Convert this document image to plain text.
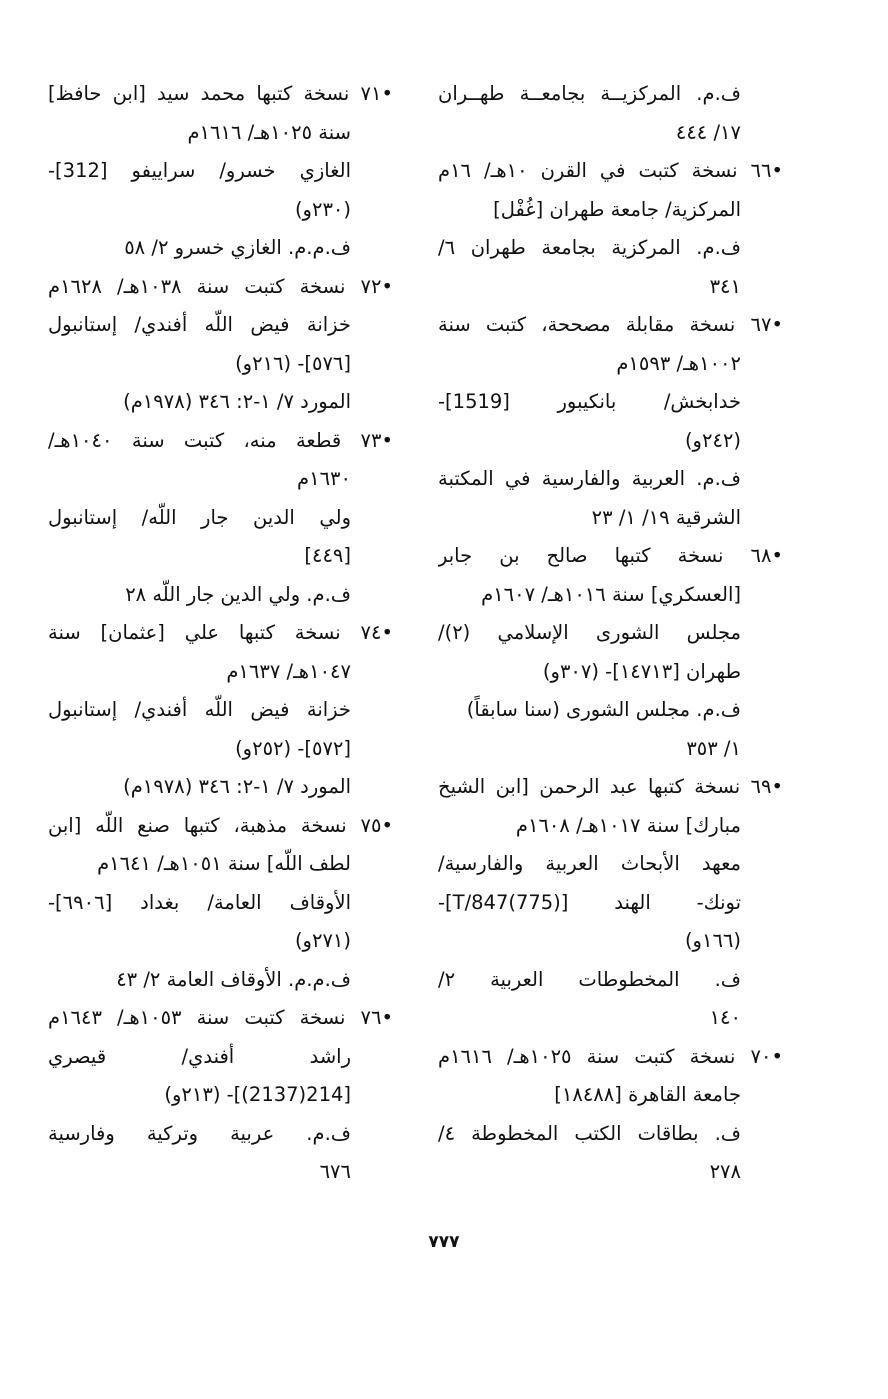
ف.م. المركزيــة بجامعــة طهــران
١٧/ ٤٤٤
•٦٦ نسخة كتبت في القرن ١٠هـ/ ١٦م
المركزية/ جامعة طهران [غُفْل]
ف.م. المركزية بجامعة طهران ٦/
٣٤١
•٦٧ نسخة مقابلة مصححة، كتبت سنة
١٠٠٢هـ/ ١٥٩٣م
خدابخش/ بانكيبور [1519]-
(٢٤٢و)
ف.م. العربية والفارسية في المكتبة
الشرقية ١٩/ ١/ ٢٣
•٦٨ نسخة كتبها صالح بن جابر
[العسكري] سنة ١٠١٦هـ/ ١٦٠٧م
مجلس الشورى الإسلامي (٢)/
طهران [١٤٧١٣]- (٣٠٧و)
ف.م. مجلس الشورى (سنا سابقاً)
١/ ٣٥٣
•٦٩ نسخة كتبها عبد الرحمن [ابن الشيخ
مبارك] سنة ١٠١٧هـ/ ١٦٠٨م
معهد الأبحاث العربية والفارسية/
تونك- الهند [T/847(775)]-
(١٦٦و)
ف. المخطوطات العربية ٢/
١٤٠
•٧٠ نسخة كتبت سنة ١٠٢٥هـ/ ١٦١٦م
جامعة القاهرة [١٨٤٨٨]
ف. بطاقات الكتب المخطوطة ٤/
٢٧٨
•٧١ نسخة كتبها محمد سيد [ابن حافظ]
سنة ١٠٢٥هـ/ ١٦١٦م
الغازي خسرو/ سراييفو [312]-
(٢٣٠و)
ف.م.م. الغازي خسرو ٢/ ٥٨
•٧٢ نسخة كتبت سنة ١٠٣٨هـ/ ١٦٢٨م
خزانة فيض اللّه أفندي/ إستانبول
[٥٧٦]- (٢١٦و)
المورد ٧/ ١-٢: ٣٤٦ (١٩٧٨م)
•٧٣ قطعة منه، كتبت سنة ١٠٤٠هـ/
١٦٣٠م
ولي الدين جار اللّه/ إستانبول
[٤٤٩]
ف.م. ولي الدين جار اللّه ٢٨
•٧٤ نسخة كتبها علي [عثمان] سنة
١٠٤٧هـ/ ١٦٣٧م
خزانة فيض اللّه أفندي/ إستانبول
[٥٧٢]- (٢٥٢و)
المورد ٧/ ١-٢: ٣٤٦ (١٩٧٨م)
•٧٥ نسخة مذهبة، كتبها صنع اللّه [ابن
لطف اللّه] سنة ١٠٥١هـ/ ١٦٤١م
الأوقاف العامة/ بغداد [٦٩٠٦]-
(٢٧١و)
ف.م.م. الأوقاف العامة ٢/ ٤٣
•٧٦ نسخة كتبت سنة ١٠٥٣هـ/ ١٦٤٣م
راشد أفندي/ قيصري
[214(2137)]- (٢١٣و)
ف.م. عربية وتركية وفارسية
٦٧٦
٧٧٧
